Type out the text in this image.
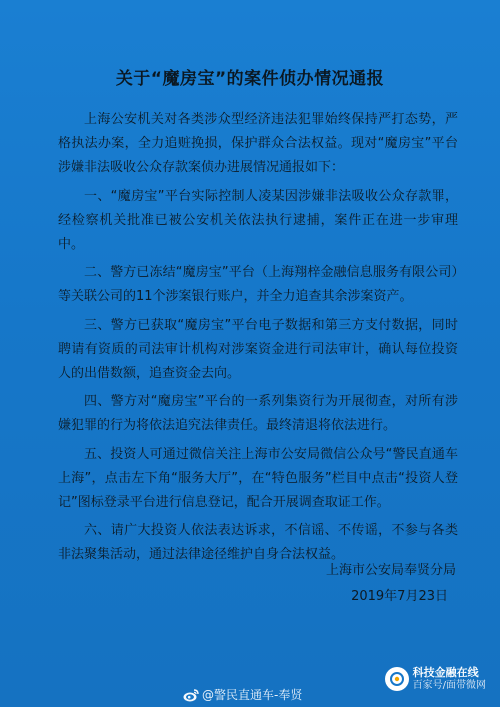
关于“魔房宝”的案件侦办情况通报

上海公安机关对各类涉众型经济违法犯罪始终保持严打态势，严格执法办案，全力追赃挽损，保护群众合法权益。现对“魔房宝”平台涉嫌非法吸收公众存款案侦办进展情况通报如下：

一、“魔房宝”平台实际控制人凌某因涉嫌非法吸收公众存款罪，经检察机关批准已被公安机关依法执行逮捕，案件正在进一步审理中。

二、警方已冻结“魔房宝”平台（上海翔梓金融信息服务有限公司）等关联公司的11个涉案银行账户，并全力追查其余涉案资产。

三、警方已获取“魔房宝”平台电子数据和第三方支付数据，同时聘请有资质的司法审计机构对涉案资金进行司法审计，确认每位投资人的出借数额，追查资金去向。

四、警方对“魔房宝”平台的一系列集资行为开展彻查，对所有涉嫌犯罪的行为将依法追究法律责任。最终清退将依法进行。

五、投资人可通过微信关注上海市公安局微信公众号“警民直通车上海”，点击左下角“服务大厅”，在“特色服务”栏目中点击“投资人登记”图标登录平台进行信息登记，配合开展调查取证工作。

六、请广大投资人依法表达诉求，不信谣、不传谣，不参与各类非法聚集活动，通过法律途径维护自身合法权益。

上海市公安局奉贤分局
2019年7月23日
@警民直通车-奉贤
科技金融在线
百家号/面带微网
